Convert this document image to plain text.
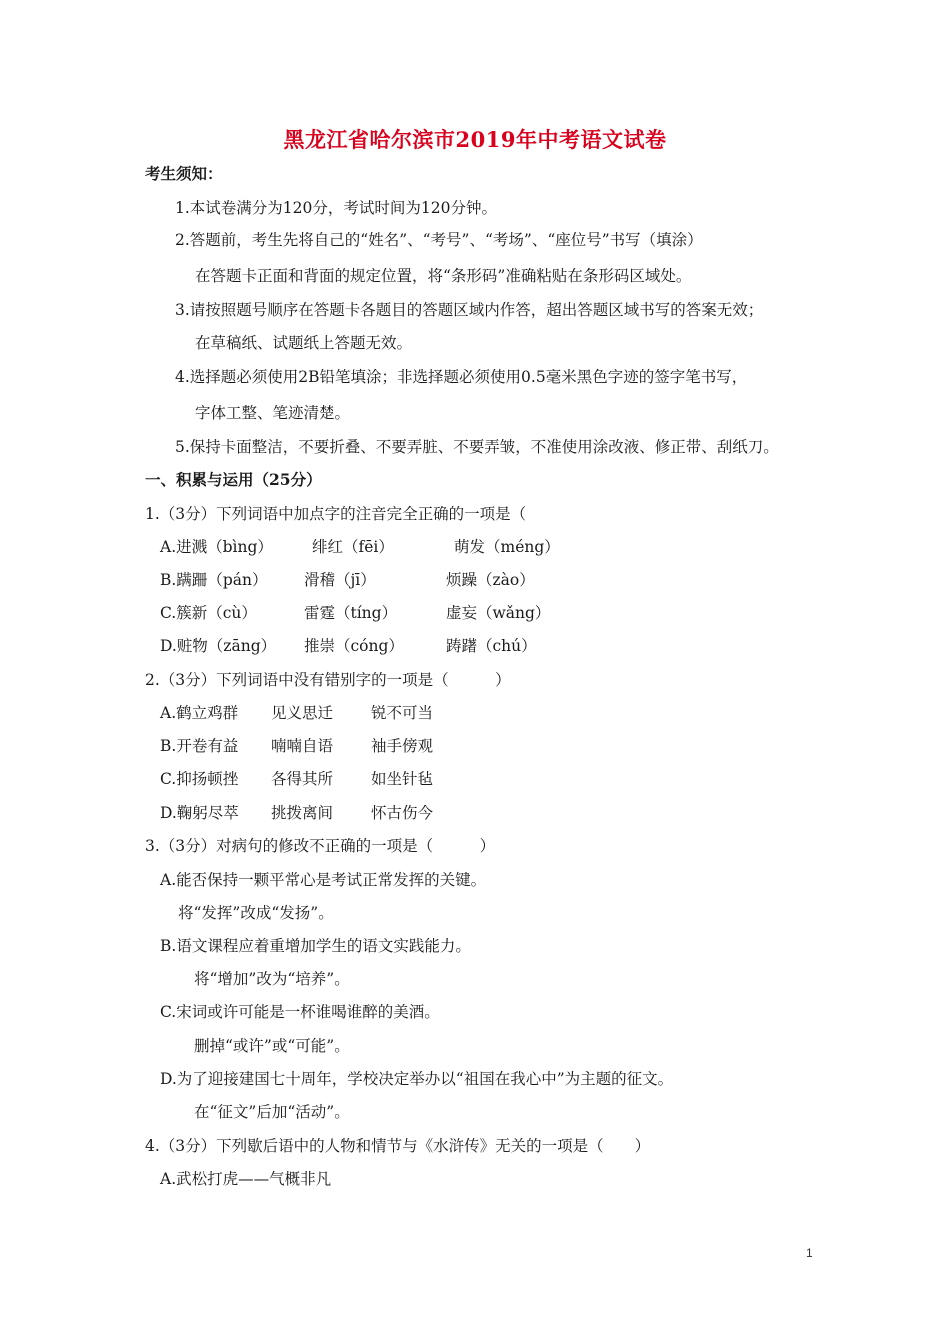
黑龙江省哈尔滨市2019年中考语文试卷
考生须知：
1.本试卷满分为120分，考试时间为120分钟。
2.答题前，考生先将自己的“姓名”、“考号”、“考场”、“座位号”书写（填涂）
在答题卡正面和背面的规定位置，将“条形码”准确粘贴在条形码区域处。
3.请按照题号顺序在答题卡各题目的答题区域内作答，超出答题区域书写的答案无效；
在草稿纸、试题纸上答题无效。
4.选择题必须使用2B铅笔填涂；非选择题必须使用0.5毫米黑色字迹的签字笔书写，
字体工整、笔迹清楚。
5.保持卡面整洁，不要折叠、不要弄脏、不要弄皱，不准使用涂改液、修正带、刮纸刀。
一、积累与运用（25分）
1.（3分）下列词语中加点字的注音完全正确的一项是（
A.进溅（bìng）	绯红（fēi）	萌发（méng）
B.蹒跚（pán） 滑稽（jī）	烦躁（zào）
C.簇新（cù）	雷霆（tíng）	虚妄（wǎng）
D.赃物（zāng） 推崇（cóng）	踌躇（chú）
2.（3分）下列词语中没有错别字的一项是（　　　）
A.鹤立鸡群 见义思迁 锐不可当
B.开卷有益 喃喃自语 袖手傍观
C.抑扬顿挫 各得其所 如坐针毡
D.鞠躬尽萃 挑拨离间 怀古伤今
3.（3分）对病句的修改不正确的一项是（　　　）
A.能否保持一颗平常心是考试正常发挥的关键。
将“发挥”改成“发扬”。
B.语文课程应着重增加学生的语文实践能力。
将“增加”改为“培养”。
C.宋词或许可能是一杯谁喝谁醉的美酒。
删掉“或许”或“可能”。
D.为了迎接建国七十周年，学校决定举办以“祖国在我心中”为主题的征文。
在“征文”后加“活动”。
4.（3分）下列歇后语中的人物和情节与《水浒传》无关的一项是（　　）
A.武松打虎——气概非凡
1
